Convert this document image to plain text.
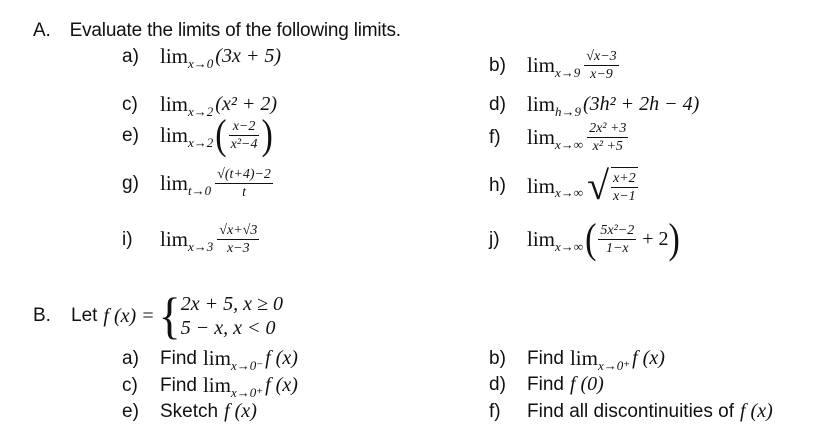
A. Evaluate the limits of the following limits.
a)	lim x→0 (3x + 5)	b)	$\lim x\to 9 \frac{√x-3}{x-9}$
c)	lim x→2 (x² + 2)	d)	lim h→9 (3h² + 2h − 4)
e)	lim x→2 ( $\frac{x-2}{\text{x²−4}}$ )	f)	$\lim x\to\infty \frac{\text{2x² +3}}{\text{x² +5}}$
g)	$\lim t\to 0 \frac{√(t+4)-2}{t}$	h)	lim x→∞ √ $\frac{x+2}{x-1}$
i)	$\lim x\to 3 \frac{√x+√3}{x-3}$	j)	lim x→∞ ( $\frac{\text{5x²−2}}{1-x} + 2$ )
B.	Let f (x) = { 2x + 5, x ≥ 0
5 − x, x < 0
a)	Find lim x→0⁻ f (x)	b)	Find lim x→0⁺ f (x)
c)	Find lim x→0⁺ f (x)	d)	Find f (0)
e)	Sketch f (x)	f)	Find all discontinuities of f (x)
